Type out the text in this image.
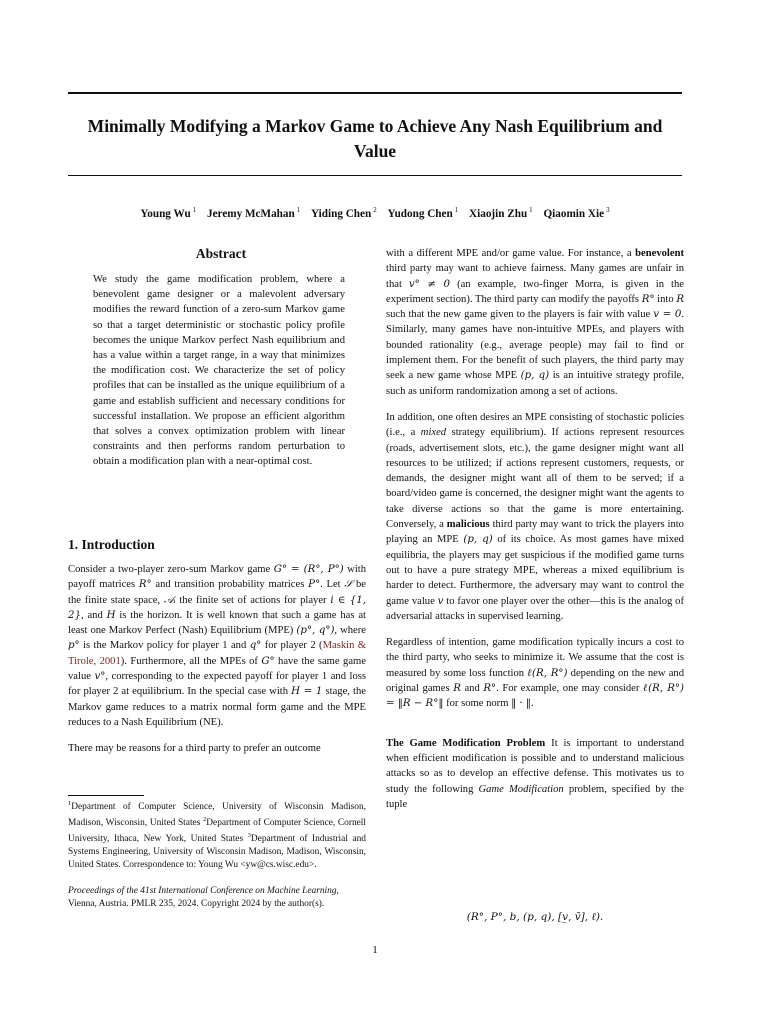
Minimally Modifying a Markov Game to Achieve Any Nash Equilibrium and Value
Young Wu $^1$ Jeremy McMahan $^1$ Yiding Chen $^2$ Yudong Chen $^1$ Xiaojin Zhu $^1$ Qiaomin Xie $^3$
Abstract

We study the game modification problem, where a benevolent game designer or a malevolent adversary modifies the reward function of a zero-sum Markov game so that a target deterministic or stochastic policy profile becomes the unique Markov perfect Nash equilibrium and has a value within a target range, in a way that minimizes the modification cost. We characterize the set of policy profiles that can be installed as the unique equilibrium of a game and establish sufficient and necessary conditions for successful installation. We propose an efficient algorithm that solves a convex optimization problem with linear constraints and then performs random perturbation to obtain a modification plan with a near-optimal cost.

1. Introduction

Consider a two-player zero-sum Markov game G° = (R°, P°) with payoff matrices R° and transition probability matrices P°. Let 𝒮 be the finite state space, 𝒜ᵢ the finite set of actions for player i ∈ {1, 2}, and H is the horizon. It is well known that such a game has at least one Markov Perfect (Nash) Equilibrium (MPE) (p°, q°), where p° is the Markov policy for player 1 and q° for player 2 (Maskin & Tirole, 2001). Furthermore, all the MPEs of G° have the same game value v°, corresponding to the expected payoff for player 1 and loss for player 2 at equilibrium. In the special case with H = 1 stage, the Markov game reduces to a matrix normal form game and the MPE reduces to a Nash Equilibrium (NE).

There may be reasons for a third party to prefer an outcome

$^1$Department of Computer Science, University of Wisconsin Madison, Madison, Wisconsin, United States $^2$Department of Computer Science, Cornell University, Ithaca, New York, United States $^3$Department of Industrial and Systems Engineering, University of Wisconsin Madison, Madison, Wisconsin, United States. Correspondence to: Young Wu <yw@cs.wisc.edu>.

Proceedings of the 41st International Conference on Machine Learning, Vienna, Austria. PMLR 235, 2024. Copyright 2024 by the author(s).

with a different MPE and/or game value. For instance, a benevolent third party may want to achieve fairness. Many games are unfair in that v° ≠ 0 (an example, two-finger Morra, is given in the experiment section). The third party can modify the payoffs R° into R such that the new game given to the players is fair with value v = 0. Similarly, many games have non-intuitive MPEs, and players with bounded rationality (e.g., average people) may fail to find or implement them. For the benefit of such players, the third party may seek a new game whose MPE (p, q) is an intuitive strategy profile, such as uniform randomization among a set of actions.

In addition, one often desires an MPE consisting of stochastic policies (i.e., a mixed strategy equilibrium). If actions represent resources (roads, advertisement slots, etc.), the game designer might want all resources to be utilized; if actions represent customers, requests, or demands, the designer might want all of them to be served; if a board/video game is concerned, the designer might want the agents to take diverse actions so that the game is more entertaining. Conversely, a malicious third party may want to trick the players into playing an MPE (p, q) of its choice. As most games have mixed equilibria, the players may get suspicious if the modified game turns out to have a pure strategy MPE, whereas a mixed equilibrium is harder to detect. Furthermore, the adversary may want to control the game value v to favor one player over the other—this is the analog of adversarial attacks in supervised learning.

Regardless of intention, game modification typically incurs a cost to the third party, who seeks to minimize it. We assume that the cost is measured by some loss function ℓ(R, R°) depending on the new and original games R and R°. For example, one may consider ℓ(R, R°) = ‖R − R°‖ for some norm ‖ · ‖.

The Game Modification Problem It is important to understand when efficient modification is possible and to understand malicious attacks so as to develop an effective defense. This motivates us to study the following Game Modification problem, specified by the tuple

(R°, P°, b, (p, q), [v̲, v̄], ℓ).
1
